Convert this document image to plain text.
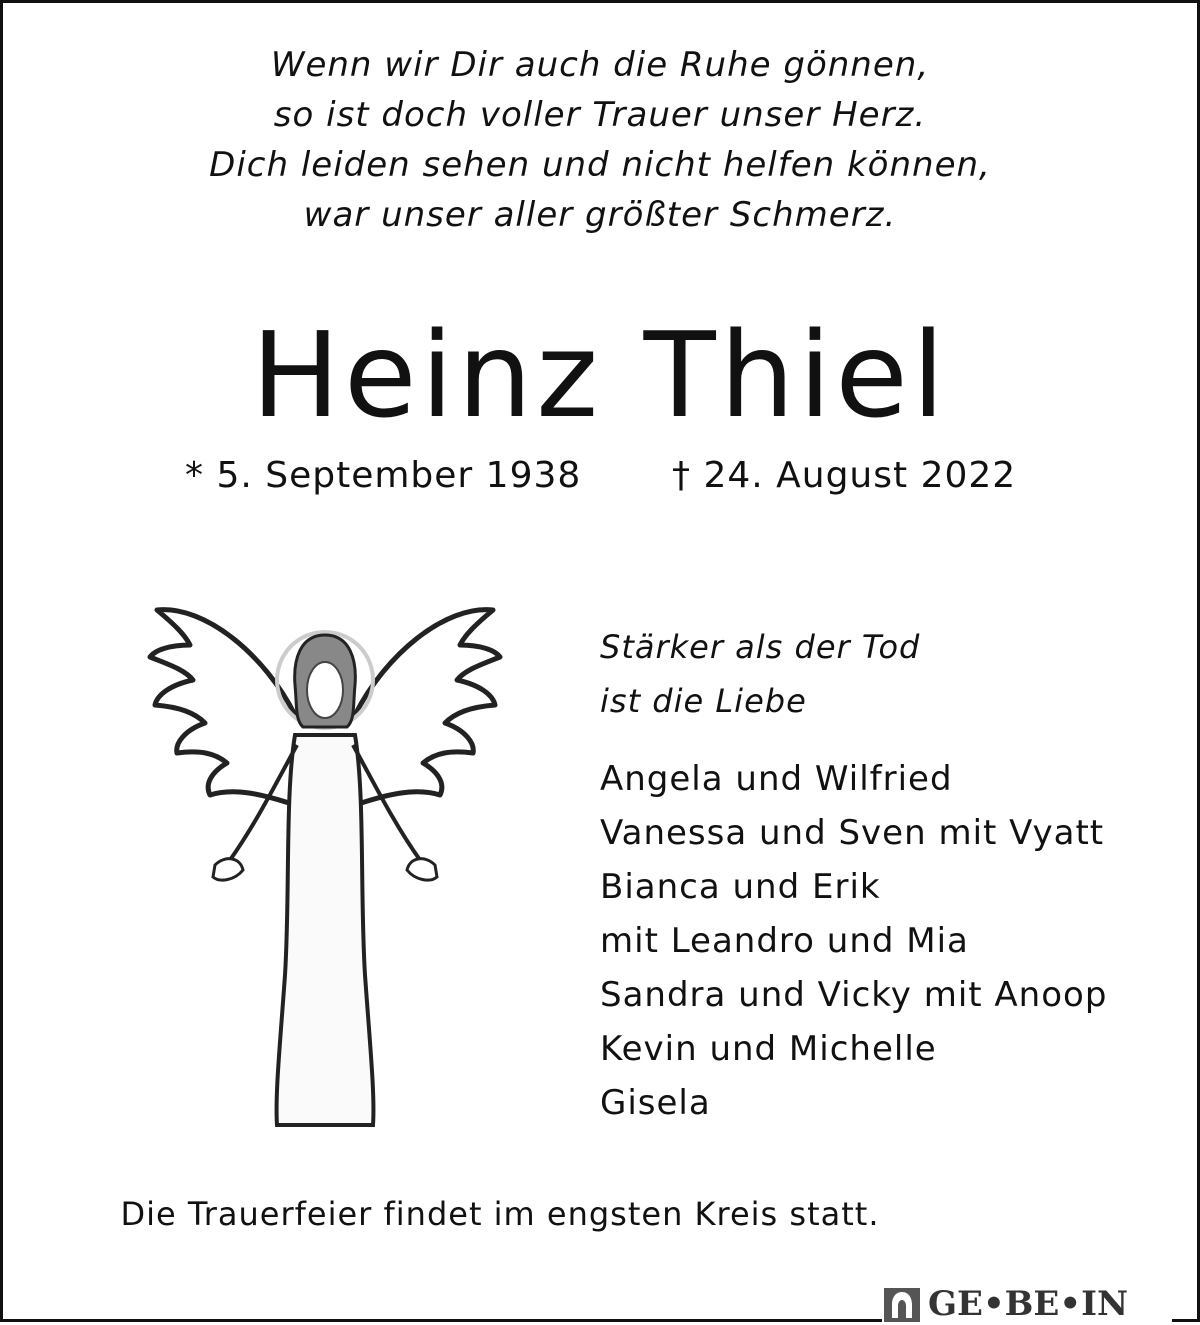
Wenn wir Dir auch die Ruhe gönnen,
so ist doch voller Trauer unser Herz.
Dich leiden sehen und nicht helfen können,
war unser aller größter Schmerz.
Heinz Thiel
* 5. September 1938	† 24. August 2022
Stärker als der Tod
ist die Liebe
Angela und Wilfried
Vanessa und Sven mit Vyatt
Bianca und Erik
mit Leandro und Mia
Sandra und Vicky mit Anoop
Kevin und Michelle
Gisela
Die Trauerfeier findet im engsten Kreis statt.
GE•BE•IN
